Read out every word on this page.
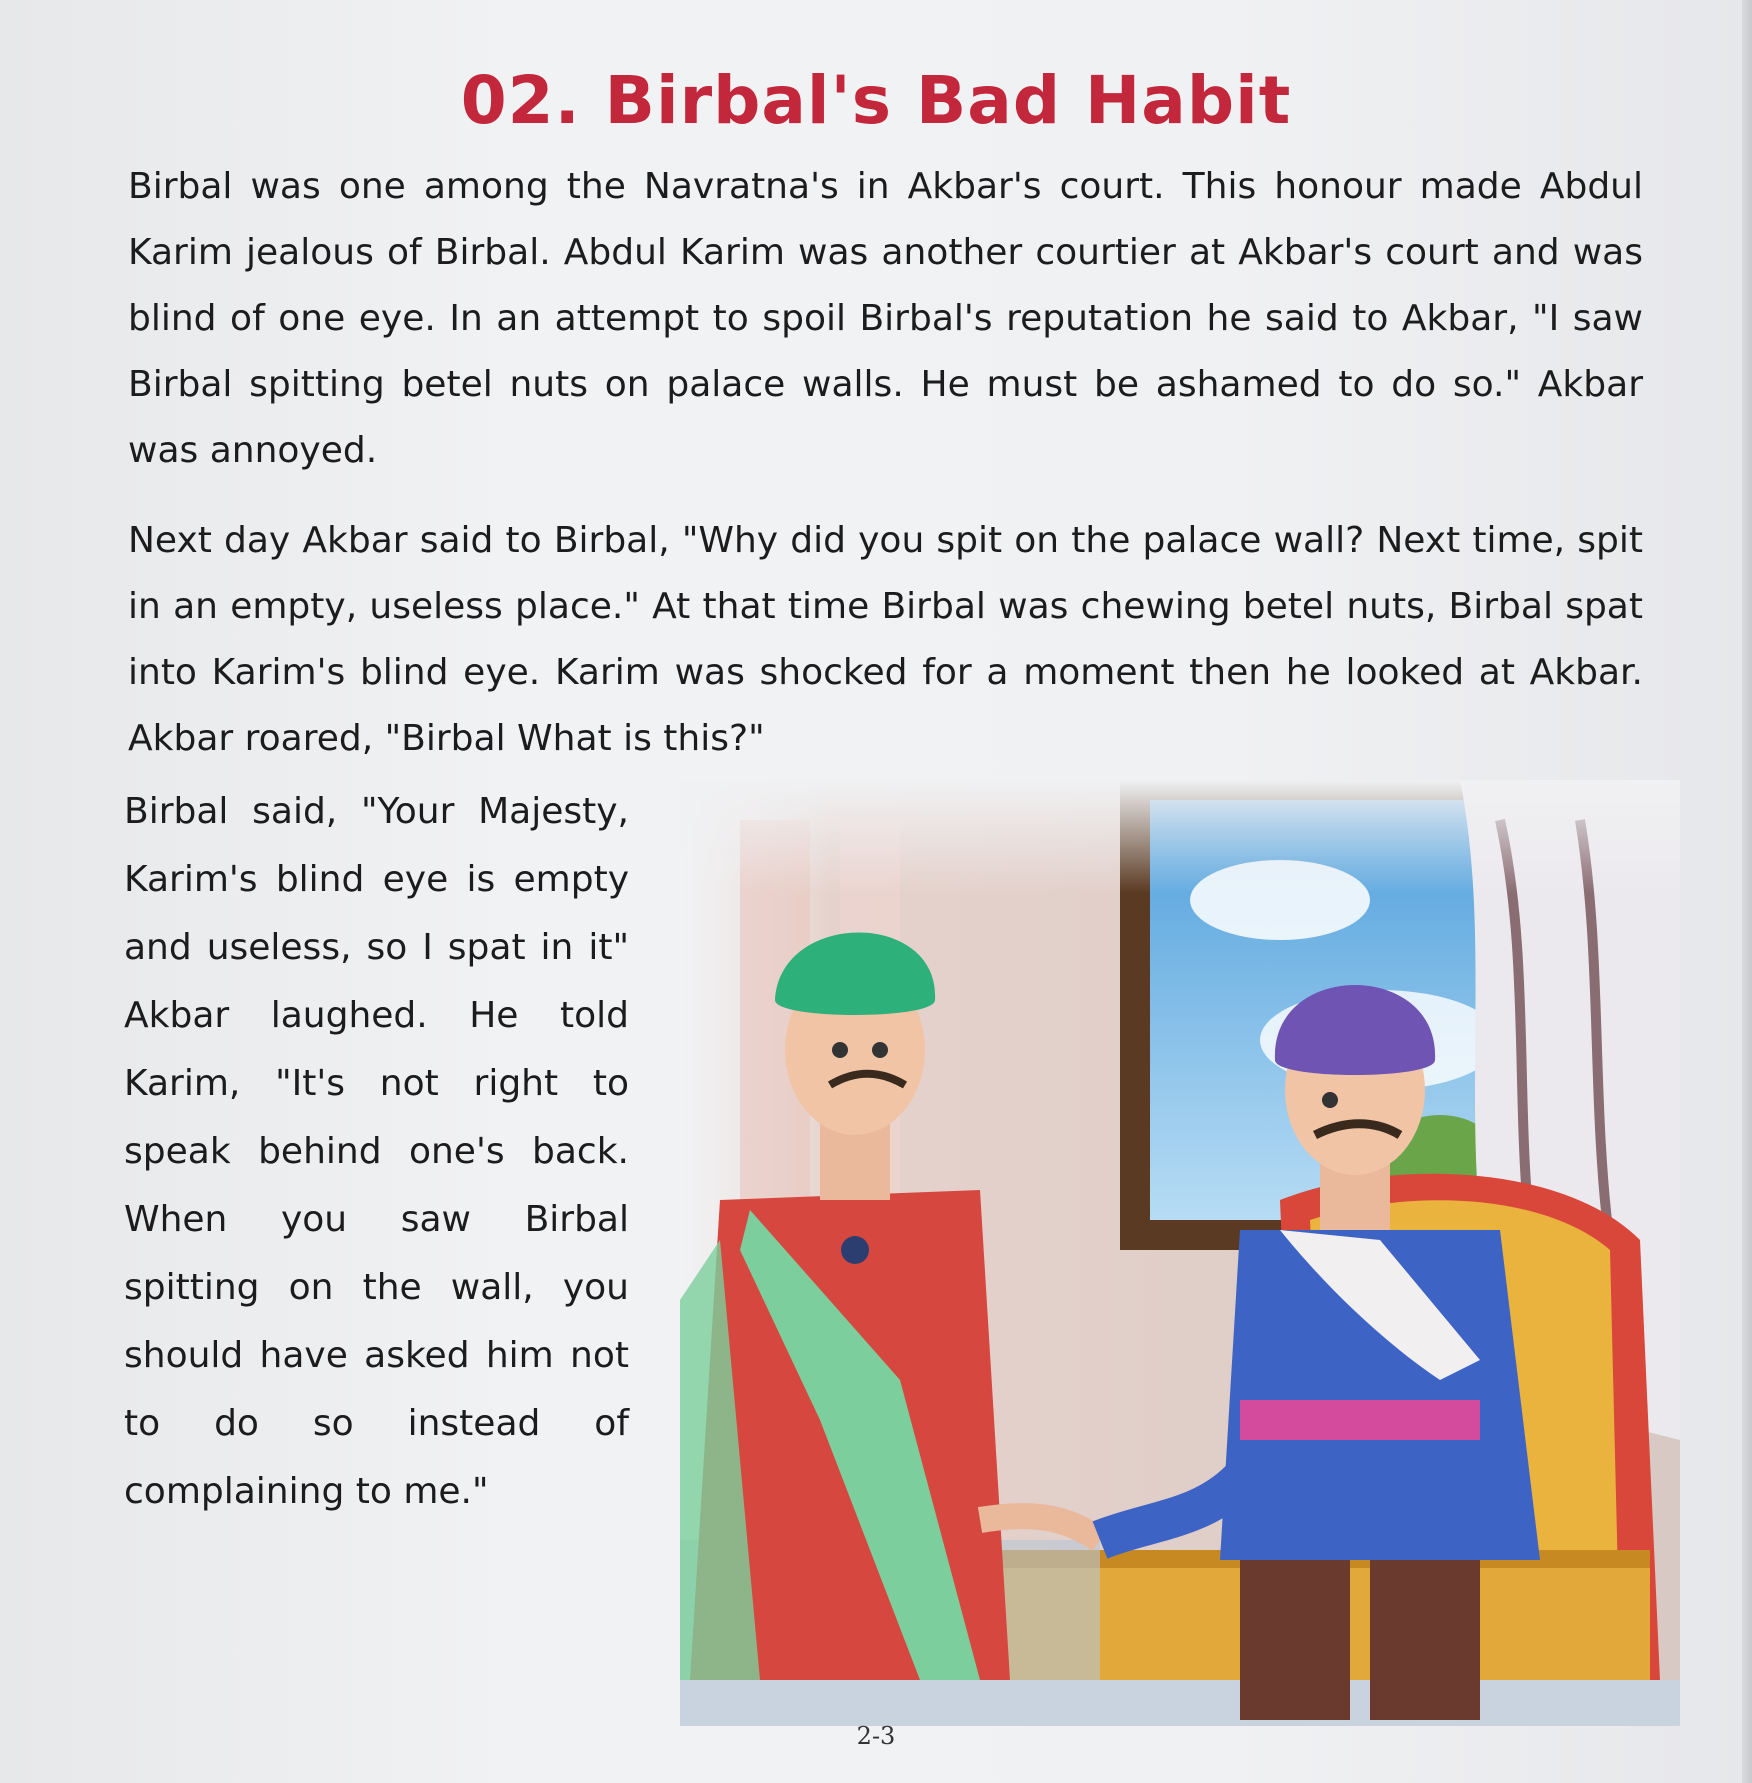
02. Birbal's Bad Habit

Birbal was one among the Navratna's in Akbar's court. This honour made Abdul Karim jealous of Birbal. Abdul Karim was another courtier at Akbar's court and was blind of one eye. In an attempt to spoil Birbal's reputation he said to Akbar, "I saw Birbal spitting betel nuts on palace walls. He must be ashamed to do so." Akbar was annoyed.

Next day Akbar said to Birbal, "Why did you spit on the palace wall? Next time, spit in an empty, useless place." At that time Birbal was chewing betel nuts, Birbal spat into Karim's blind eye. Karim was shocked for a moment then he looked at Akbar. Akbar roared, "Birbal What is this?"

Birbal said, "Your Majesty, Karim's blind eye is empty and useless, so I spat in it" Akbar laughed. He told Karim, "It's not right to speak behind one's back. When you saw Birbal spitting on the wall, you should have asked him not to do so instead of complaining to me."

2-3
